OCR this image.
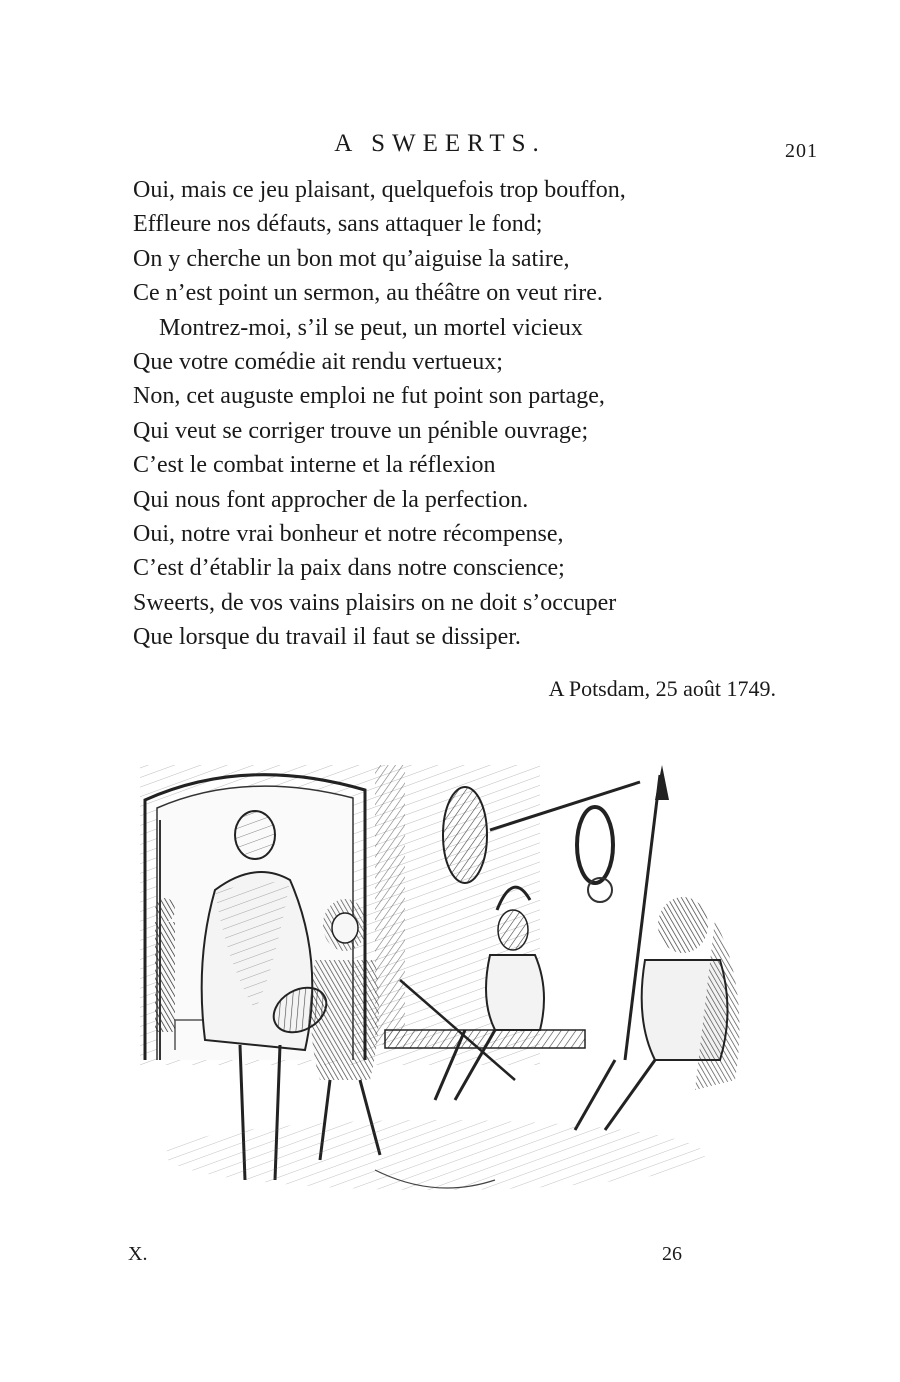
A SWEERTS.	201
Oui, mais ce jeu plaisant, quelquefois trop bouffon,
Effleure nos défauts, sans attaquer le fond;
On y cherche un bon mot qu’aiguise la satire,
Ce n’est point un sermon, au théâtre on veut rire.
Montrez-moi, s’il se peut, un mortel vicieux
Que votre comédie ait rendu vertueux;
Non, cet auguste emploi ne fut point son partage,
Qui veut se corriger trouve un pénible ouvrage;
C’est le combat interne et la réflexion
Qui nous font approcher de la perfection.
Oui, notre vrai bonheur et notre récompense,
C’est d’établir la paix dans notre conscience;
Sweerts, de vos vains plaisirs on ne doit s’occuper
Que lorsque du travail il faut se dissiper.
A Potsdam, 25 août 1749.
X.	26
